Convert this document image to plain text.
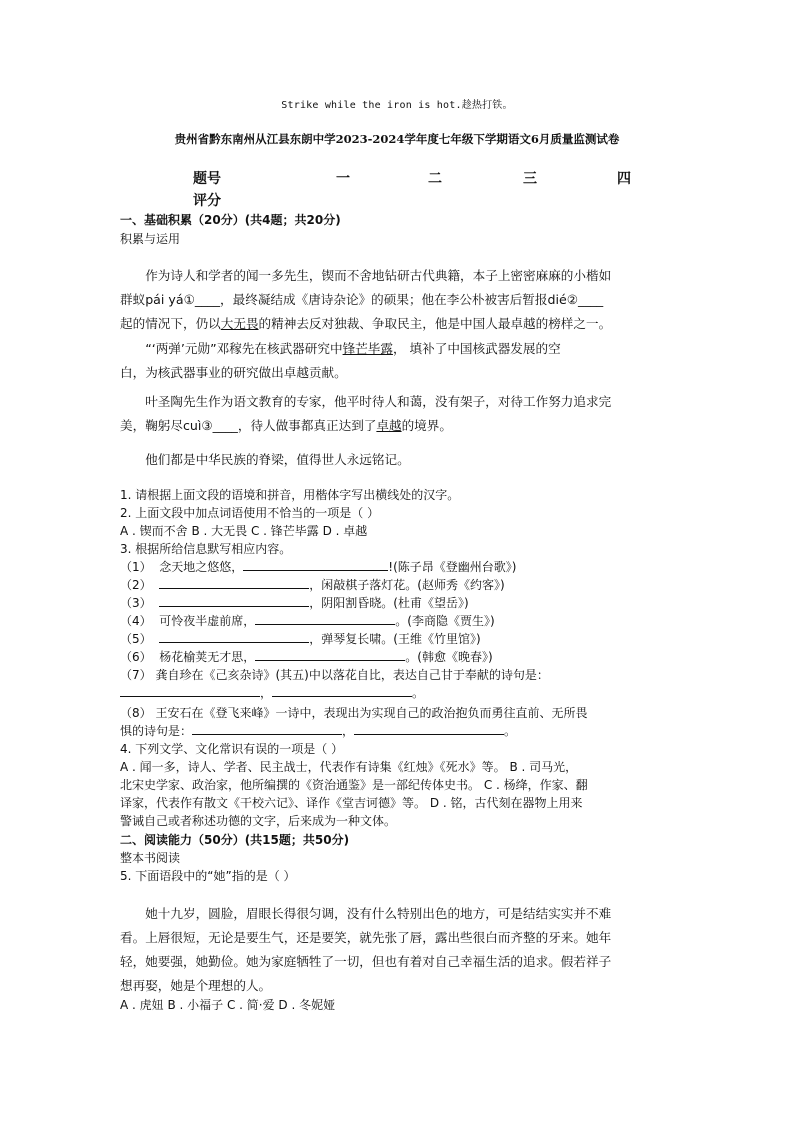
Strike while the iron is hot.趁热打铁。
贵州省黔东南州从江县东朗中学2023-2024学年度七年级下学期语文6月质量监测试卷
题号	一	二	三	四
评分
一、基础积累（20分）(共4题；共20分)
积累与运用

作为诗人和学者的闻一多先生，锲而不舍地钻研古代典籍，本子上密密麻麻的小楷如

群蚁pái yá①____，最终凝结成《唐诗杂论》的硕果；他在李公朴被害后暂报dié②____

起的情况下，仍以大无畏的精神去反对独裁、争取民主，他是中国人最卓越的榜样之一。

“‘两弹’元勋”邓稼先在核武器研究中锋芒毕露， 填补了中国核武器发展的空

白，为核武器事业的研究做出卓越贡献。

叶圣陶先生作为语文教育的专家，他平时待人和蔼，没有架子，对待工作努力追求完

美，鞠躬尽cuì③____，待人做事都真正达到了卓越的境界。

他们都是中华民族的脊梁，值得世人永远铭记。

1. 请根据上面文段的语境和拼音，用楷体字写出横线处的汉字。
2. 上面文段中加点词语使用不恰当的一项是（ ）
A . 锲而不舍 B . 大无畏 C . 锋芒毕露 D . 卓越
3. 根据所给信息默写相应内容。
（1） 念天地之悠悠，	!(陈子昂《登幽州台歌》)
（2）	，闲敲棋子落灯花。(赵师秀《约客》)
（3）	，阴阳割昏晓。(杜甫《望岳》)
（4） 可怜夜半虚前席，	。(李商隐《贾生》)
（5）	，弹琴复长啸。(王维《竹里馆》)
（6） 杨花榆荚无才思，	。(韩愈《晚春》)
（7） 龚自珍在《己亥杂诗》(其五)中以落花自比，表达自己甘于奉献的诗句是：
，	。
（8） 王安石在《登飞来峰》一诗中，表现出为实现自己的政治抱负而勇往直前、无所畏
惧的诗句是：	，	。
4. 下列文学、文化常识有误的一项是（ ）
A . 闻一多，诗人、学者、民主战士，代表作有诗集《红烛》《死水》等。 B . 司马光，
北宋史学家、政治家，他所编撰的《资治通鉴》是一部纪传体史书。 C . 杨绛，作家、翻
译家，代表作有散文《干校六记》、译作《堂吉诃德》等。 D . 铭，古代刻在器物上用来
警诫自己或者称述功德的文字，后来成为一种文体。
二、阅读能力（50分）(共15题；共50分)
整本书阅读
5. 下面语段中的“她”指的是（ ）

她十九岁，圆脸，眉眼长得很匀调，没有什么特别出色的地方，可是结结实实并不难

看。上唇很短，无论是要生气，还是要笑，就先张了唇，露出些很白而齐整的牙来。她年

轻，她要强，她勤俭。她为家庭牺牲了一切，但也有着对自己幸福生活的追求。假若祥子

想再娶，她是个理想的人。

A . 虎妞 B . 小福子 C . 简·爱 D . 冬妮娅
